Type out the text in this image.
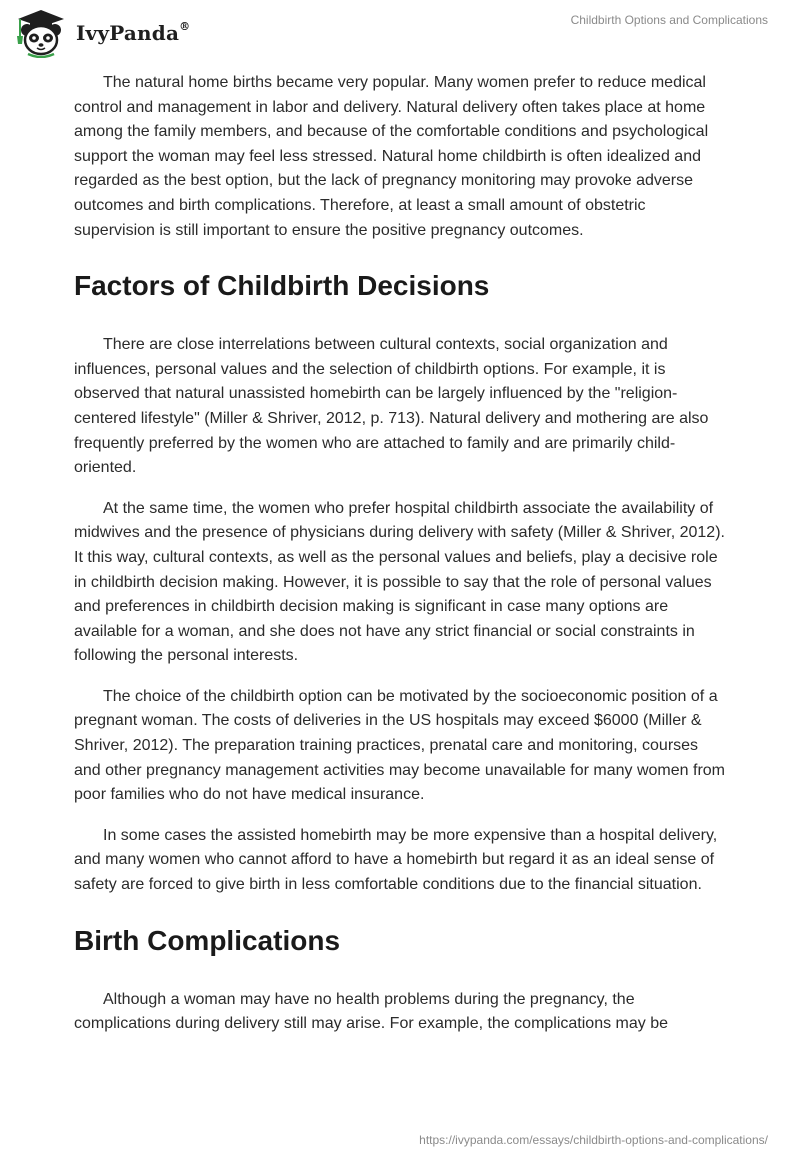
IvyPanda®	Childbirth Options and Complications

The natural home births became very popular. Many women prefer to reduce medical control and management in labor and delivery. Natural delivery often takes place at home among the family members, and because of the comfortable conditions and psychological support the woman may feel less stressed. Natural home childbirth is often idealized and regarded as the best option, but the lack of pregnancy monitoring may provoke adverse outcomes and birth complications. Therefore, at least a small amount of obstetric supervision is still important to ensure the positive pregnancy outcomes.

Factors of Childbirth Decisions

There are close interrelations between cultural contexts, social organization and influences, personal values and the selection of childbirth options. For example, it is observed that natural unassisted homebirth can be largely influenced by the "religion-centered lifestyle" (Miller & Shriver, 2012, p. 713). Natural delivery and mothering are also frequently preferred by the women who are attached to family and are primarily child-oriented.

At the same time, the women who prefer hospital childbirth associate the availability of midwives and the presence of physicians during delivery with safety (Miller & Shriver, 2012). It this way, cultural contexts, as well as the personal values and beliefs, play a decisive role in childbirth decision making. However, it is possible to say that the role of personal values and preferences in childbirth decision making is significant in case many options are available for a woman, and she does not have any strict financial or social constraints in following the personal interests.

The choice of the childbirth option can be motivated by the socioeconomic position of a pregnant woman. The costs of deliveries in the US hospitals may exceed $6000 (Miller & Shriver, 2012). The preparation training practices, prenatal care and monitoring, courses and other pregnancy management activities may become unavailable for many women from poor families who do not have medical insurance.

In some cases the assisted homebirth may be more expensive than a hospital delivery, and many women who cannot afford to have a homebirth but regard it as an ideal sense of safety are forced to give birth in less comfortable conditions due to the financial situation.

Birth Complications

Although a woman may have no health problems during the pregnancy, the complications during delivery still may arise. For example, the complications may be

https://ivypanda.com/essays/childbirth-options-and-complications/
